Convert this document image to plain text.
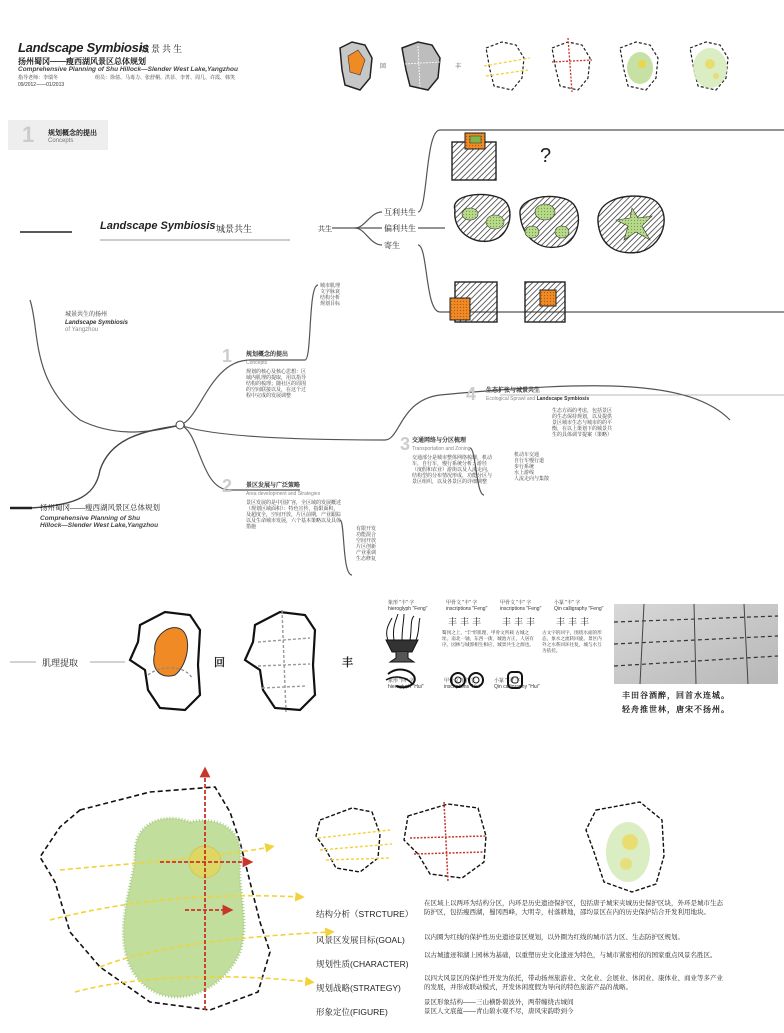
Landscape Symbiosis
城景共生
扬州蜀冈——瘦西湖风景区总体规划
Comprehensive Planning of Shu Hillock—Slender West Lake,Yangzhou
指导老师：李瑞冬	组员：徐倩、马毒力、张舒桐、洪菲、李菁、周几、许霞、韩笑
09/2012——01/2013
回	丰
1 规划概念的提出
Concepts
Landscape Symbiosis 城景共生	共生
互利共生
偏利共生
寄生
?

城景共生的扬州

Landscape Symbiosis

of Yangzhou

扬州蜀冈——瘦西湖风景区总体规划

Comprehensive Planning of Shu

Hillock—Slender West Lake,Yangzhou

城市肌理

文字脉衰

结构分析

规划目标

1 规划概念的提出

Concepts

规划的核心及核心思想：区域内肌理的提取，用以指导结构的梳理；随社区的周围的空间联接以及，在这个过程中完成的发展调整

2 景区发展与广泛策略

Area development and Strategies

景区发展的是中国扩容，全区域的发展概述（规划区域面积）：特色宣传，指限面积，及超度全，空间开放，片区前期，产业跟踪以及生命城市发展，六个基本策略以及具体措施	有限开发

功能混合

空间开放

片区创新

产业重调

生态修复

3 交通网络与分区梳理

Transportation and Zoning

交通部分是城市整体网络梳理，机动车，自行车，慢行系统分析；游径（度假和农业）游街以及人流走向，结构型的分布情况形成，功能分区与景区组织，以及各景区的详细调整

机动车交通

自行车慢行道

步行系统

水上游线

人流走向与集散

4 生态扩张与城景共生

Ecological Sprawl and Landscape Symbiosis

生态方面的考虑，包括景区的生态保持规划，以及提供景区城市生态与城市的的平衡，在以上策划下的城景共生的具体调节提案（策略）

肌理提取	回	丰
象形 "丰" 字
hieroglyph "Feng"
甲骨文 "丰" 字
inscriptions "Feng"
甲骨文 "丰" 字
inscriptions "Feng"
小篆 "丰" 字
Qin calligraphy "Feng"
象形 "回" 字
hieroglyph "Hui"
甲骨文 "回" 字
inscriptions "Hui"
小篆 "回" 字
Qin calligraphy "Hui"
蜀冈之上，“丰”形肌理，甲骨文所载 古城之址。南北一轴，东西一街，城池方正，人居有序。园林与城郭相生相应，城景共生之源也。
古文字的回字，围绕水面的形态，象水之流转回旋。景区内外之水系回环往复，城与水互为依托。
丰 丰 丰 丰 丰 丰 丰 丰 丰
丰田谷酒醉，回首水连城。
轻舟推世林，唐宋不扬州。
结构分析（STRCTURE）
在区域上以两环为结构分区，内环是历史遗迹保护区，包括唐子城宋夹城历史保护区块，外环是城市生态防护区，包括瘦西湖，蜀冈西峰，大明寺，村落耕地，邵均景区在内的历史保护结合开发利用地块。
风景区发展目标(GOAL)	以内圈为红线的保护性历史遗迹景区规划，以外圈为红线的城市活力区、生态防护区规划。
规划性质(CHARACTER)
以古城遗迹和湖上园林为基础，以重塑历史文化遗迹为特色，与城市紧密相依的国家重点风景名胜区。
规划战略(STRATEGY)
以四大风景区的保护性开发为依托，带动扬州旅游业、文化业、会展业、休闲业、康体业、商业等多产业的发展，并形成联动模式，开发休闲度假为导向的特色旅游产品的战略。
形象定位(FIGURE)
景区形象结构——三山横卧碧波外，两带缠绕古城间
景区人文底蕴——青山碧水观不尽，唐风宋韵聆到今
